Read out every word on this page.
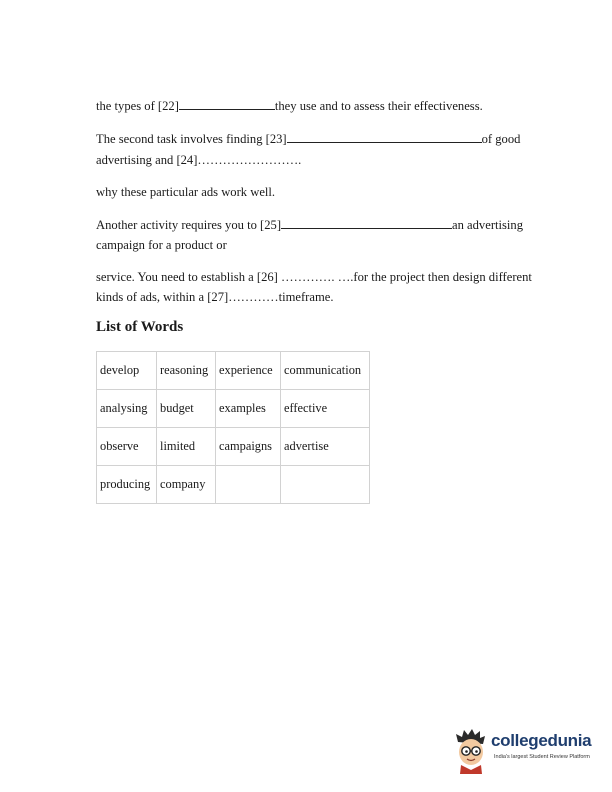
the types of [22]	they use and to assess their effectiveness.

The second task involves finding [23]	of good

advertising and [24]…………………….

why these particular ads work well.

Another activity requires you to [25]	an advertising

campaign for a product or

service. You need to establish a [26] …………. ….for the project then design different

kinds of ads, within a [27]…………timeframe.

List of Words
develop	reasoning	experience	communication
analysing	budget	examples	effective
observe	limited	campaigns	advertise
producing	company		
collegedunia
India's largest Student Review Platform
